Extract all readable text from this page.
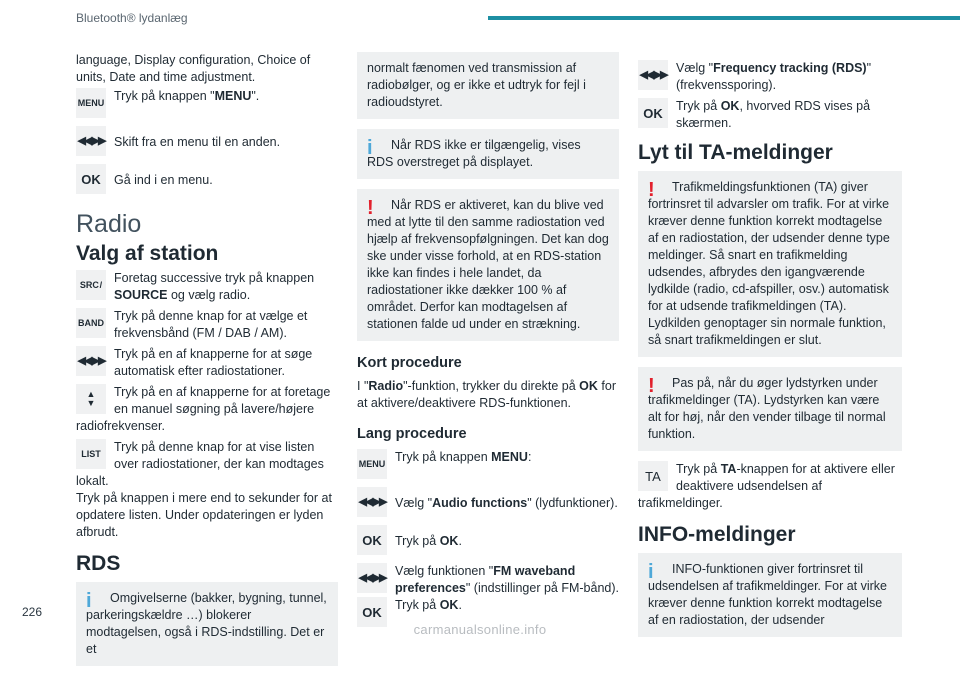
Bluetooth® lydanlæg

language, Display configuration, Choice of units, Date and time adjustment.

MENU Tryk på knappen "MENU".
◀◀ ▶▶ Skift fra en menu til en anden.
OK	Gå ind i en menu.
Radio
Valg af station
SRC  / Foretag successive tryk på knappen SOURCE og vælg radio.
BAND Tryk på denne knap for at vælge et frekvensbånd (FM / DAB / AM).
◀◀ ▶▶ Tryk på en af knapperne for at søge automatisk efter radiostationer.
▲
▼
Tryk på en af knapperne for at foretage en manuel søgning på lavere/højere radiofrekvenser.
LIST	Tryk på denne knap for at vise listen over radiostationer, der kan modtages lokalt.

Tryk på knappen i mere end to sekunder for at opdatere listen. Under opdateringen er lyden afbrudt.

RDS
i	Omgivelserne (bakker, bygning, tunnel, parkeringskældre …) blokerer modtagelsen, også i RDS-indstilling. Det er et
normalt fænomen ved transmission af radiobølger, og er ikke et udtryk for fejl i radioudstyret.
i	Når RDS ikke er tilgængelig, vises RDS overstreget på displayet.
!	Når RDS er aktiveret, kan du blive ved med at lytte til den samme radiostation ved hjælp af frekvensopfølgningen. Det kan dog ske under visse forhold, at en RDS-station ikke kan findes i hele landet, da radiostationer ikke dækker 100 % af området. Derfor kan modtagelsen af stationen falde ud under en strækning.
Kort procedure

I "Radio"-funktion, trykker du direkte på OK for at aktivere/deaktivere RDS-funktionen.

Lang procedure
MENU Tryk på knappen MENU:
◀◀ ▶▶ Vælg "Audio functions" (lydfunktioner).
OK	Tryk på OK.
◀◀ ▶▶ Vælg funktionen "FM waveband preferences" (indstillinger på FM-bånd).
OK	Tryk på OK.
◀◀ ▶▶ Vælg "Frequency tracking (RDS)" (frekvenssporing).
OK	Tryk på OK, hvorved RDS vises på skærmen.
Lyt til TA-meldinger
!	Trafikmeldingsfunktionen (TA) giver fortrinsret til advarsler om trafik. For at virke kræver denne funktion korrekt modtagelse af en radiostation, der udsender denne type meldinger. Så snart en trafikmelding udsendes, afbrydes den igangværende lydkilde (radio, cd-afspiller, osv.) automatisk for at udsende trafikmeldingen (TA). Lydkilden genoptager sin normale funktion, så snart trafikmeldingen er slut.
!	Pas på, når du øger lydstyrken under trafikmeldinger (TA). Lydstyrken kan være alt for høj, når den vender tilbage til normal funktion.
TA	Tryk på TA-knappen for at aktivere eller deaktivere udsendelsen af trafikmeldinger.
INFO-meldinger
i	INFO-funktionen giver fortrinsret til udsendelsen af trafikmeldinger. For at virke kræver denne funktion korrekt modtagelse af en radiostation, der udsender
226
carmanualsonline.info
